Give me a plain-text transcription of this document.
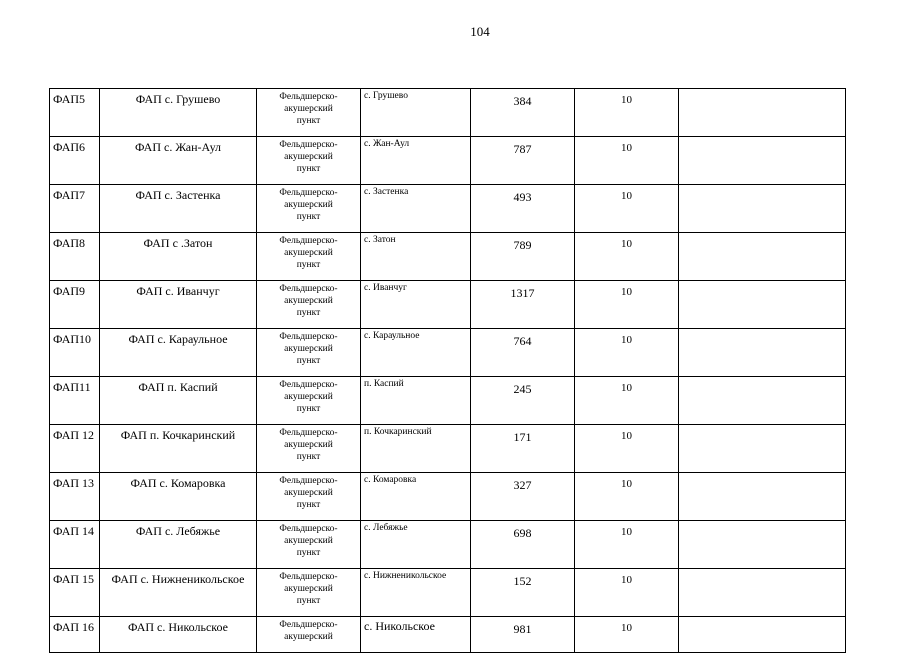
104
ФАП5	ФАП с. Грушево	Фельдшерско-
акушерский
пункт	с. Грушево	384	10	
ФАП6	ФАП с. Жан-Аул	Фельдшерско-
акушерский
пункт	с. Жан-Аул	787	10	
ФАП7	ФАП с. Застенка	Фельдшерско-
акушерский
пункт	с. Застенка	493	10	
ФАП8	ФАП с .Затон	Фельдшерско-
акушерский
пункт	с. Затон	789	10	
ФАП9	ФАП с. Иванчуг	Фельдшерско-
акушерский
пункт	с. Иванчуг	1317	10	
ФАП10	ФАП с. Караульное	Фельдшерско-
акушерский
пункт	с. Караульное	764	10	
ФАП11	ФАП п. Каспий	Фельдшерско-
акушерский
пункт	п. Каспий	245	10	
ФАП 12	ФАП п. Кочкаринский	Фельдшерско-
акушерский
пункт	п. Кочкаринский	171	10	
ФАП 13	ФАП с. Комаровка	Фельдшерско-
акушерский
пункт	с. Комаровка	327	10	
ФАП 14	ФАП с. Лебяжье	Фельдшерско-
акушерский
пункт	с. Лебяжье	698	10	
ФАП 15	ФАП с. Нижненикольское	Фельдшерско-
акушерский
пункт	с. Нижненикольское	152	10	
ФАП 16	ФАП с. Никольское	Фельдшерско-
акушерский	с. Никольское	981	10	
